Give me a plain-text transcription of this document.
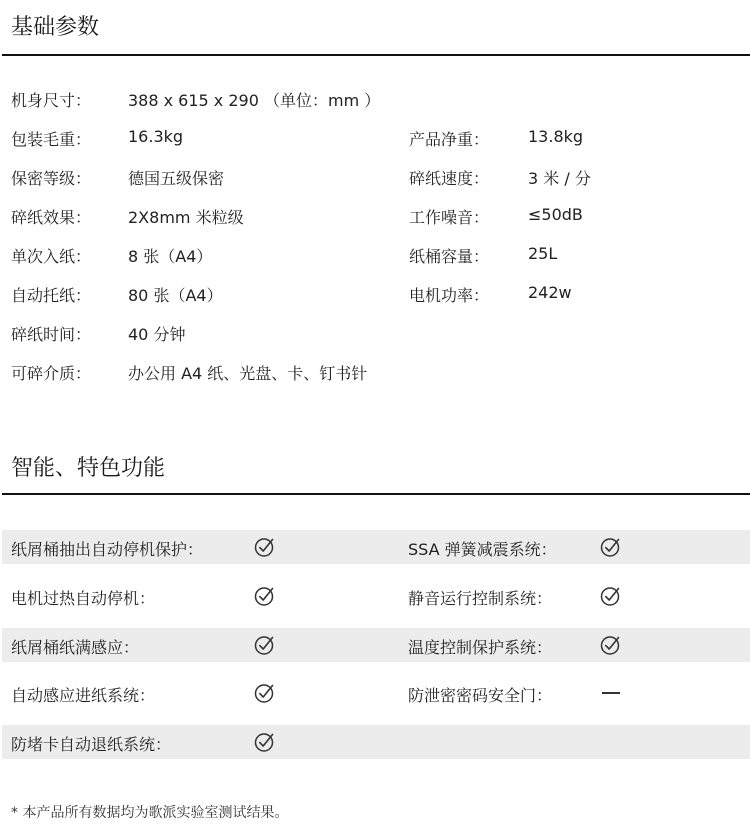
基础参数
机身尺寸： 388 x 615 x 290 （单位：mm ）
包装毛重： 16.3kg	产品净重： 13.8kg
保密等级： 德国五级保密	碎纸速度： 3 米 / 分
碎纸效果： 2X8mm 米粒级	工作噪音： ≤50dB
单次入纸： 8 张（A4）	纸桶容量： 25L
自动托纸： 80 张（A4）	电机功率： 242w
碎纸时间： 40 分钟
可碎介质： 办公用 A4 纸、光盘、卡、钉书针
智能、特色功能
纸屑桶抽出自动停机保护：	SSA 弹簧减震系统：
电机过热自动停机：	静音运行控制系统：
纸屑桶纸满感应：	温度控制保护系统：
自动感应进纸系统：	防泄密密码安全门：
防堵卡自动退纸系统：
* 本产品所有数据均为歌派实验室测试结果。
